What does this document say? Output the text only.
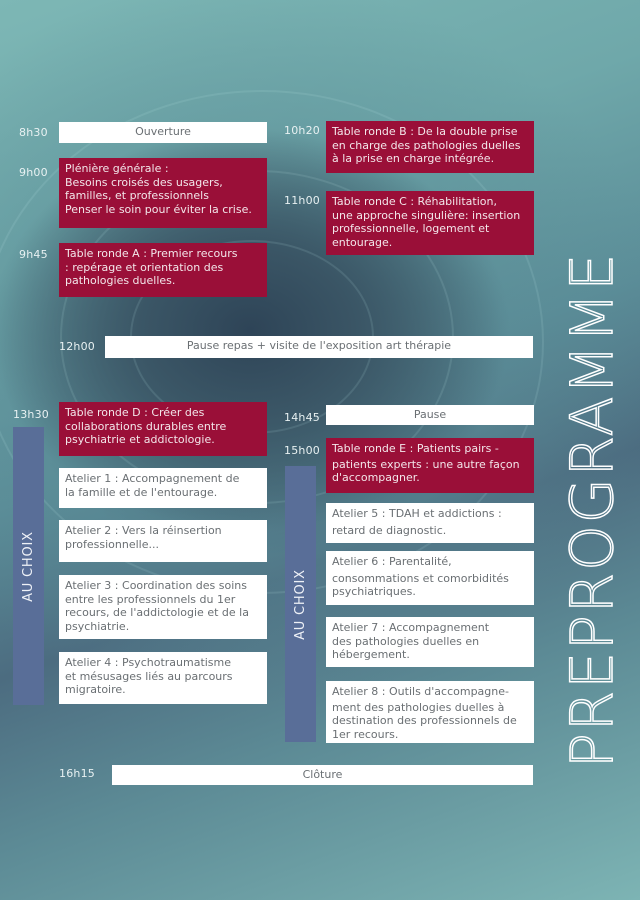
PREPROGRAMME
8h30	Ouverture
9h00 Plénière générale :
Besoins croisés des usagers,
familles, et professionnels
Penser le soin pour éviter la crise.
9h45 Table ronde A : Premier recours
: repérage et orientation des
pathologies duelles.
10h20 Table ronde B : De la double prise
en charge des pathologies duelles
à la prise en charge intégrée.
11h00 Table ronde C : Réhabilitation,
une approche singulière: insertion
professionnelle, logement et
entourage.
12h00	Pause repas + visite de l'exposition art thérapie
13h30
AU CHOIX
Table ronde D : Créer des
collaborations durables entre
psychiatrie et addictologie.
Atelier 1 : Accompagnement de
la famille et de l'entourage.
Atelier 2 : Vers la réinsertion
professionnelle...
Atelier 3 : Coordination des soins
entre les professionnels du 1er
recours, de l'addictologie et de la
psychiatrie.
Atelier 4 : Psychotraumatisme
et mésusages liés au parcours
migratoire.
14h45	Pause
15h00
AU CHOIX
Table ronde E : Patients pairs -
patients experts : une autre façon
d'accompagner.
Atelier 5 : TDAH et addictions :
retard de diagnostic.
Atelier 6 : Parentalité,
consommations et comorbidités
psychiatriques.
Atelier 7 : Accompagnement
des pathologies duelles en
hébergement.
Atelier 8 : Outils d'accompagne-
ment des pathologies duelles à
destination des professionnels de
1er recours.
16h15	Clôture
